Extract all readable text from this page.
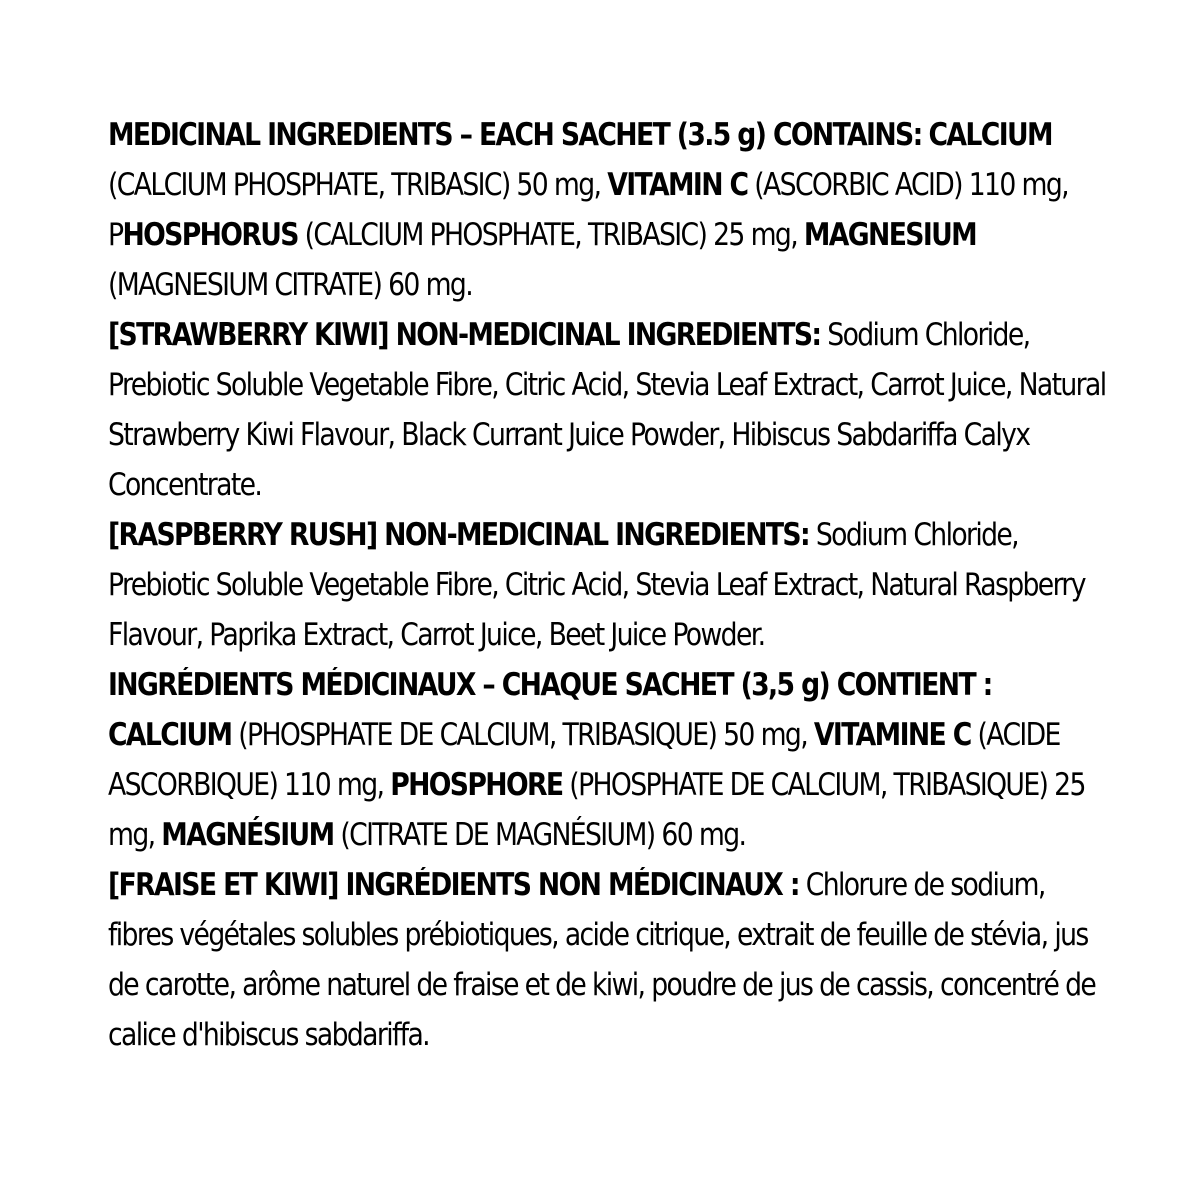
MEDICINAL INGREDIENTS – EACH SACHET (3.5 g) CONTAINS: CALCIUM (CALCIUM PHOSPHATE, TRIBASIC) 50 mg, VITAMIN C (ASCORBIC ACID) 110 mg, PHOSPHORUS (CALCIUM PHOSPHATE, TRIBASIC) 25 mg, MAGNESIUM (MAGNESIUM CITRATE) 60 mg.

[STRAWBERRY KIWI] NON-MEDICINAL INGREDIENTS: Sodium Chloride, Prebiotic Soluble Vegetable Fibre, Citric Acid, Stevia Leaf Extract, Carrot Juice, Natural Strawberry Kiwi Flavour, Black Currant Juice Powder, Hibiscus Sabdariffa Calyx Concentrate.

[RASPBERRY RUSH] NON-MEDICINAL INGREDIENTS: Sodium Chloride, Prebiotic Soluble Vegetable Fibre, Citric Acid, Stevia Leaf Extract, Natural Raspberry Flavour, Paprika Extract, Carrot Juice, Beet Juice Powder.

INGRÉDIENTS MÉDICINAUX – CHAQUE SACHET (3,5 g) CONTIENT : CALCIUM (PHOSPHATE DE CALCIUM, TRIBASIQUE) 50 mg, VITAMINE C (ACIDE ASCORBIQUE) 110 mg, PHOSPHORE (PHOSPHATE DE CALCIUM, TRIBASIQUE) 25 mg, MAGNÉSIUM (CITRATE DE MAGNÉSIUM) 60 mg.

[FRAISE ET KIWI] INGRÉDIENTS NON MÉDICINAUX : Chlorure de sodium, fibres végétales solubles prébiotiques, acide citrique, extrait de feuille de stévia, jus de carotte, arôme naturel de fraise et de kiwi, poudre de jus de cassis, concentré de calice d'hibiscus sabdariffa.
